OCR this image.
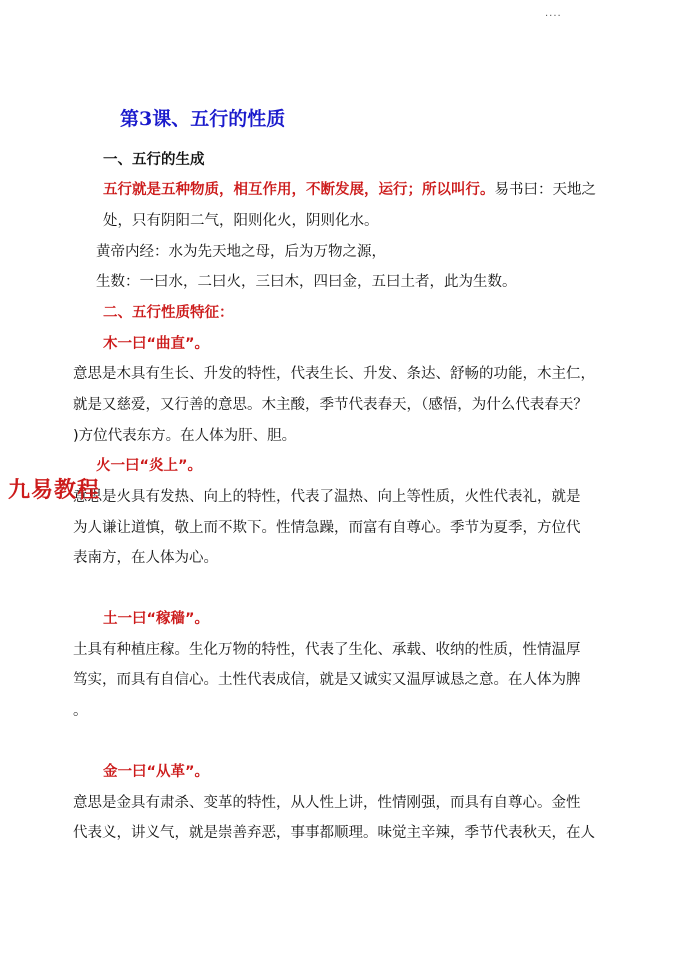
....
第3课、五行的性质
一、五行的生成
五行就是五种物质，相互作用，不断发展，运行；所以叫行。易书曰：天地之
处，只有阴阳二气，阳则化火，阴则化水。
黄帝内经：水为先天地之母，后为万物之源，
生数：一曰水，二曰火，三曰木，四曰金，五曰土者，此为生数。
二、五行性质特征：
木一曰“曲直”。
意思是木具有生长、升发的特性，代表生长、升发、条达、舒畅的功能，木主仁，
就是又慈爱，又行善的意思。木主酸，季节代表春天，（感悟，为什么代表春天？
)方位代表东方。在人体为肝、胆。
火一曰“炎上”。
意思是火具有发热、向上的特性，代表了温热、向上等性质，火性代表礼，就是
为人谦让道慎，敬上而不欺下。性情急躁，而富有自尊心。季节为夏季，方位代
表南方，在人体为心。
土一曰“稼穑”。
土具有种植庄稼。生化万物的特性，代表了生化、承载、收纳的性质，性情温厚
笃实，而具有自信心。土性代表成信，就是又诚实又温厚诚恳之意。在人体为脾
。
金一曰“从革”。
意思是金具有肃杀、变革的特性，从人性上讲，性情刚强，而具有自尊心。金性
代表义，讲义气，就是崇善弃恶，事事都顺理。味觉主辛辣，季节代表秋天，在人
九易教程
